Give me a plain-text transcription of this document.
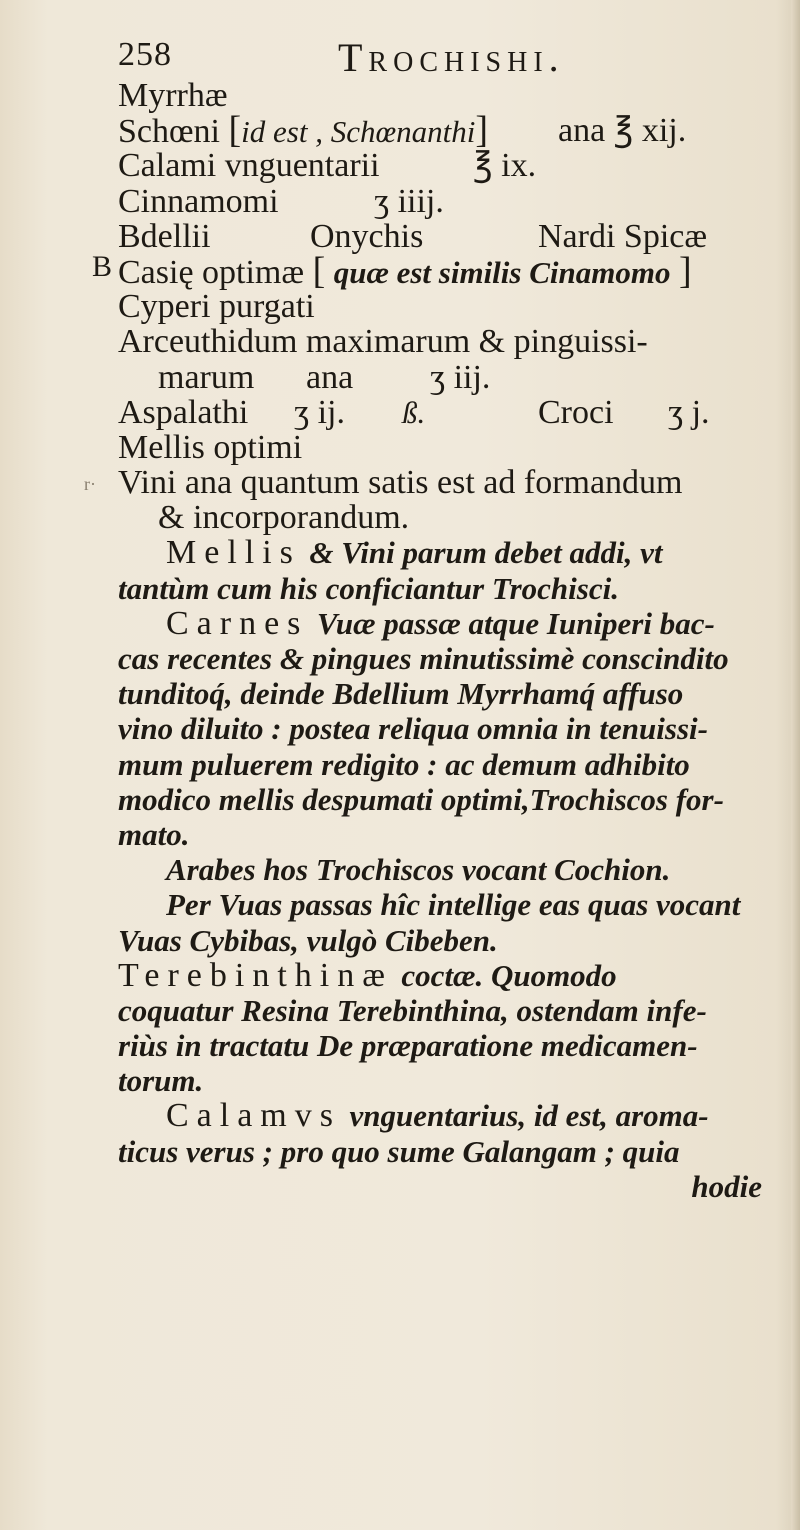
258	Trochishi.
B
r·
Myrrhæ
Schœni [id est , Schœnanthi] ana ℥ xij.
Calami vnguentarii	℥ ix.
Cinnamomi	ʒ iiij.
Bdellii	Onychis	Nardi Spicæ
Casię optimæ [ quæ est similis Cinamomo ]
Cyperi purgati
Arceuthidum maximarum & pinguissi-
marum ana ʒ iij.
Aspalathi ʒ ij. ß.	Croci ʒ j.
Mellis optimi
Vini ana quantum satis est ad formandum
& incorporandum.
Mellis & Vini parum debet addi, vt
tantùm cum his conficiantur Trochisci.
Carnes Vuæ passæ atque Iuniperi bac-
cas recentes & pingues minutissimè conscindito
tunditoq́, deinde Bdellium Myrrhamq́ affuso
vino diluito : postea reliqua omnia in tenuissi-
mum puluerem redigito : ac demum adhibito
modico mellis despumati optimi,Trochiscos for-
mato.
Arabes hos Trochiscos vocant Cochion.
Per Vuas passas hîc intellige eas quas vocant
Vuas Cybibas, vulgò Cibeben.
Terebinthinæ coctæ. Quomodo
coquatur Resina Terebinthina, ostendam infe-
riùs in tractatu De præparatione medicamen-
torum.
Calamvs vnguentarius, id est, aroma-
ticus verus ; pro quo sume Galangam ; quia
hodie
